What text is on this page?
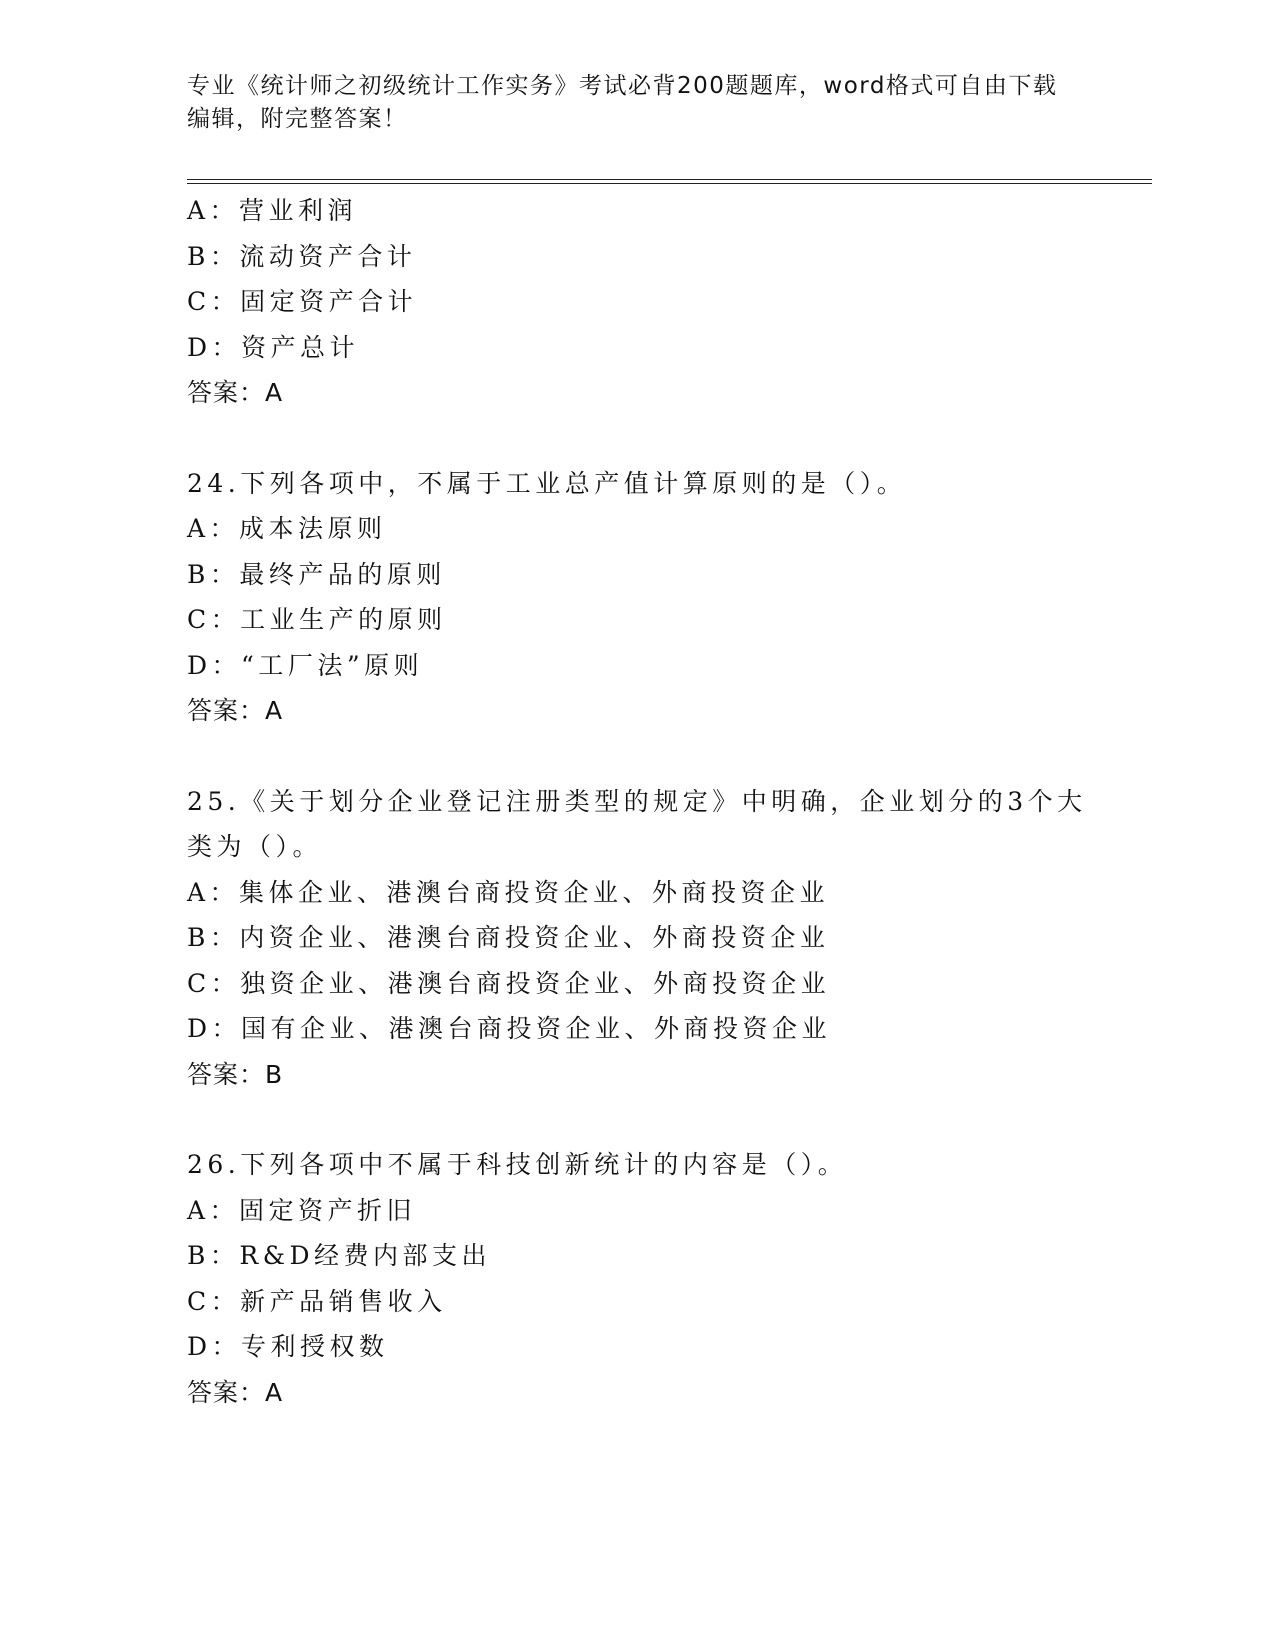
专业《统计师之初级统计工作实务》考试必背200题题库，word格式可自由下载
编辑，附完整答案！
A：营业利润
B：流动资产合计
C：固定资产合计
D：资产总计
答案：A
24.下列各项中，不属于工业总产值计算原则的是（）。
A：成本法原则
B：最终产品的原则
C：工业生产的原则
D：“工厂法”原则
答案：A
25.《关于划分企业登记注册类型的规定》中明确，企业划分的3个大
类为（）。
A：集体企业、港澳台商投资企业、外商投资企业
B：内资企业、港澳台商投资企业、外商投资企业
C：独资企业、港澳台商投资企业、外商投资企业
D：国有企业、港澳台商投资企业、外商投资企业
答案：B
26.下列各项中不属于科技创新统计的内容是（）。
A：固定资产折旧
B：R&D经费内部支出
C：新产品销售收入
D：专利授权数
答案：A
